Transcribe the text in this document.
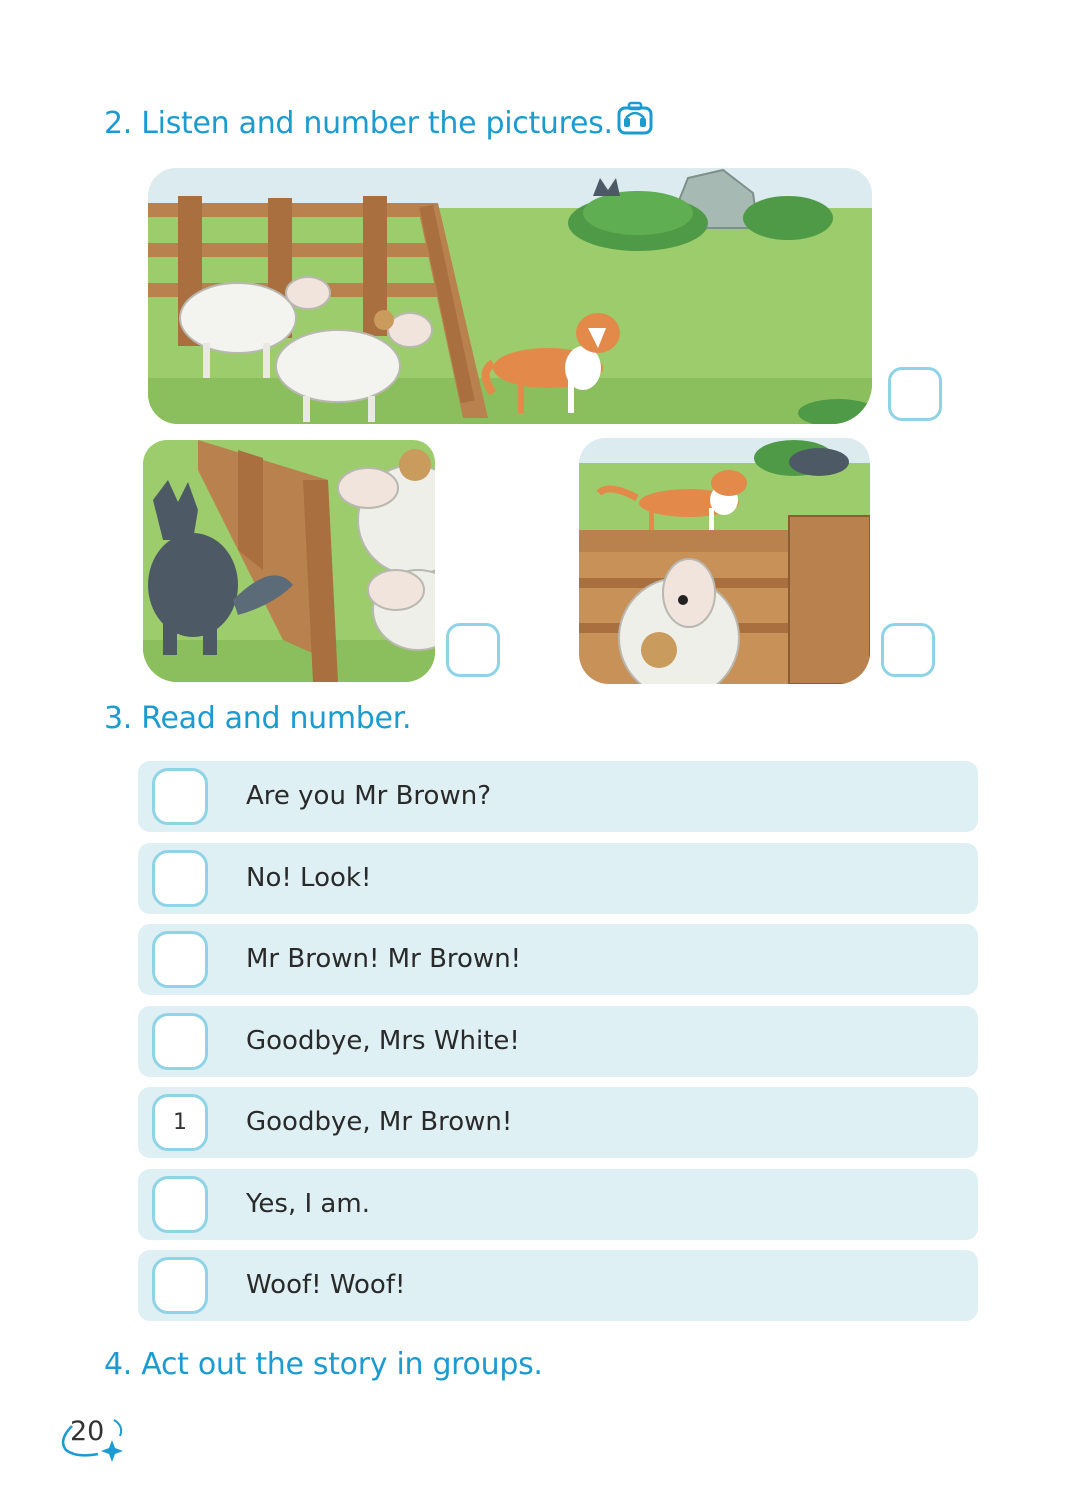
2. Listen and number the pictures.
3. Read and number.
Are you Mr Brown?
No! Look!
Mr Brown! Mr Brown!
Goodbye, Mrs White!
1	Goodbye, Mr Brown!
Yes, I am.
Woof! Woof!
4. Act out the story in groups.
20
